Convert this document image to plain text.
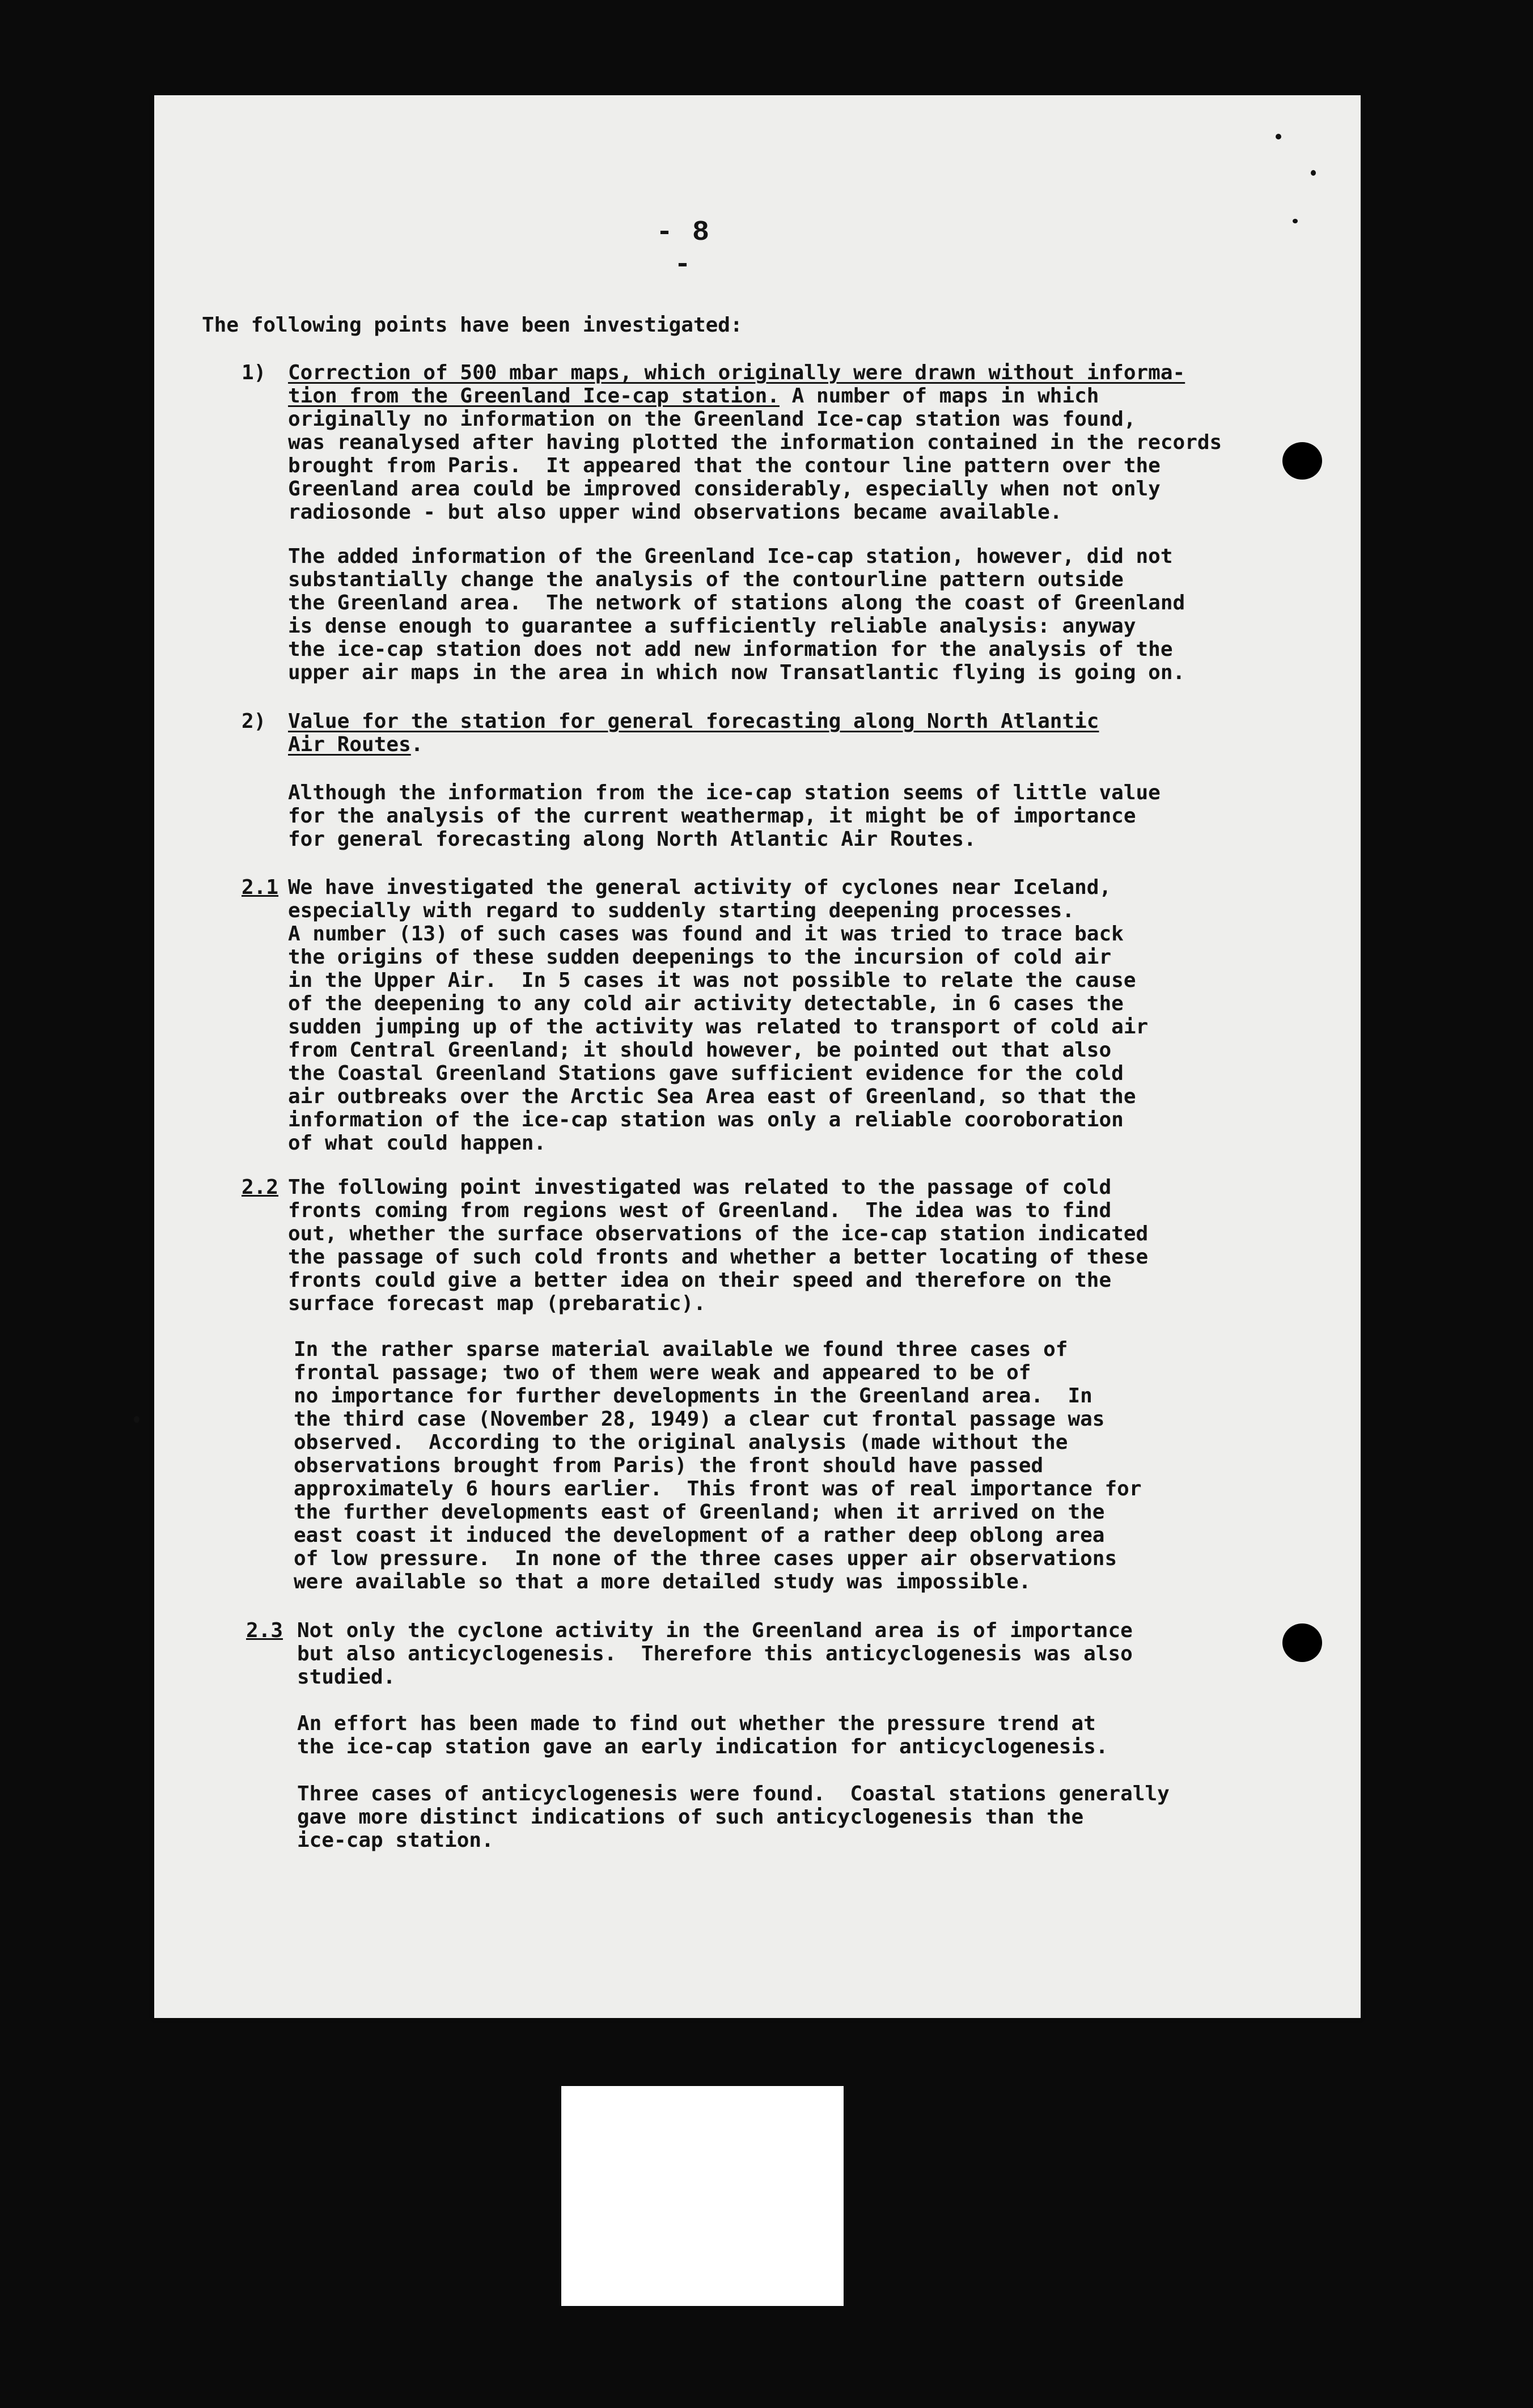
- 8 -
The following points have been investigated:
1) Correction of 500 mbar maps, which originally were drawn without informa-
tion from the Greenland Ice-cap station. A number of maps in which
originally no information on the Greenland Ice-cap station was found,
was reanalysed after having plotted the information contained in the records
brought from Paris.  It appeared that the contour line pattern over the
Greenland area could be improved considerably, especially when not only
radiosonde - but also upper wind observations became available.
The added information of the Greenland Ice-cap station, however, did not
substantially change the analysis of the contourline pattern outside
the Greenland area.  The network of stations along the coast of Greenland
is dense enough to guarantee a sufficiently reliable analysis: anyway
the ice-cap station does not add new information for the analysis of the
upper air maps in the area in which now Transatlantic flying is going on.
2) Value for the station for general forecasting along North Atlantic
Air Routes.
Although the information from the ice-cap station seems of little value
for the analysis of the current weathermap, it might be of importance
for general forecasting along North Atlantic Air Routes.
2.1 We have investigated the general activity of cyclones near Iceland,
especially with regard to suddenly starting deepening processes.
A number (13) of such cases was found and it was tried to trace back
the origins of these sudden deepenings to the incursion of cold air
in the Upper Air.  In 5 cases it was not possible to relate the cause
of the deepening to any cold air activity detectable, in 6 cases the
sudden jumping up of the activity was related to transport of cold air
from Central Greenland; it should however, be pointed out that also
the Coastal Greenland Stations gave sufficient evidence for the cold
air outbreaks over the Arctic Sea Area east of Greenland, so that the
information of the ice-cap station was only a reliable cooroboration
of what could happen.
2.2 The following point investigated was related to the passage of cold
fronts coming from regions west of Greenland.  The idea was to find
out, whether the surface observations of the ice-cap station indicated
the passage of such cold fronts and whether a better locating of these
fronts could give a better idea on their speed and therefore on the
surface forecast map (prebaratic).
In the rather sparse material available we found three cases of
frontal passage; two of them were weak and appeared to be of
no importance for further developments in the Greenland area.  In
the third case (November 28, 1949) a clear cut frontal passage was
observed.  According to the original analysis (made without the
observations brought from Paris) the front should have passed
approximately 6 hours earlier.  This front was of real importance for
the further developments east of Greenland; when it arrived on the
east coast it induced the development of a rather deep oblong area
of low pressure.  In none of the three cases upper air observations
were available so that a more detailed study was impossible.
2.3 Not only the cyclone activity in the Greenland area is of importance
but also anticyclogenesis.  Therefore this anticyclogenesis was also
studied.
An effort has been made to find out whether the pressure trend at
the ice-cap station gave an early indication for anticyclogenesis.
Three cases of anticyclogenesis were found.  Coastal stations generally
gave more distinct indications of such anticyclogenesis than the
ice-cap station.
